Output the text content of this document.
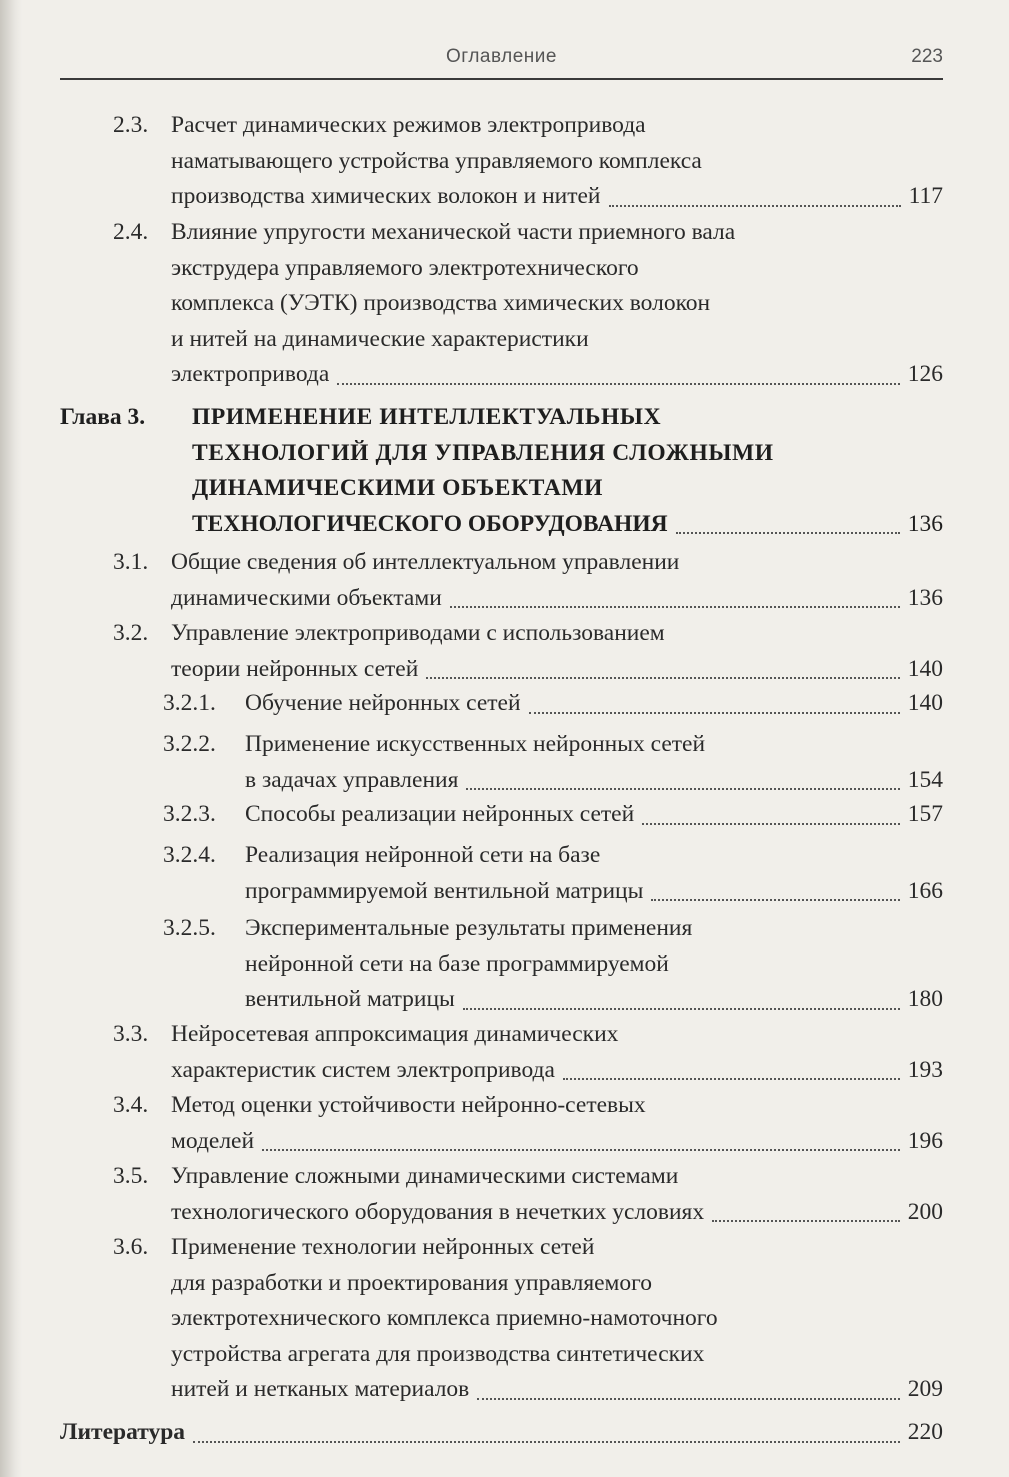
Оглавление	223
2.3. Расчет динамических режимов электропривода
наматывающего устройства управляемого комплекса
производства химических волокон и нитей	117
2.4. Влияние упругости механической части приемного вала
экструдера управляемого электротехнического
комплекса (УЭТК) производства химических волокон
и нитей на динамические характеристики
электропривода	126
Глава 3. ПРИМЕНЕНИЕ ИНТЕЛЛЕКТУАЛЬНЫХ
ТЕХНОЛОГИЙ ДЛЯ УПРАВЛЕНИЯ СЛОЖНЫМИ
ДИНАМИЧЕСКИМИ ОБЪЕКТАМИ
ТЕХНОЛОГИЧЕСКОГО ОБОРУДОВАНИЯ	136
3.1. Общие сведения об интеллектуальном управлении
динамическими объектами	136
3.2. Управление электроприводами с использованием
теории нейронных сетей	140
3.2.1. Обучение нейронных сетей	140
3.2.2. Применение искусственных нейронных сетей
в задачах управления	154
3.2.3. Способы реализации нейронных сетей	157
3.2.4. Реализация нейронной сети на базе
программируемой вентильной матрицы	166
3.2.5. Экспериментальные результаты применения
нейронной сети на базе программируемой
вентильной матрицы	180
3.3. Нейросетевая аппроксимация динамических
характеристик систем электропривода	193
3.4. Метод оценки устойчивости нейронно-сетевых
моделей	196
3.5. Управление сложными динамическими системами
технологического оборудования в нечетких условиях	200
3.6. Применение технологии нейронных сетей
для разработки и проектирования управляемого
электротехнического комплекса приемно-намоточного
устройства агрегата для производства синтетических
нитей и нетканых материалов	209
Литература	220
